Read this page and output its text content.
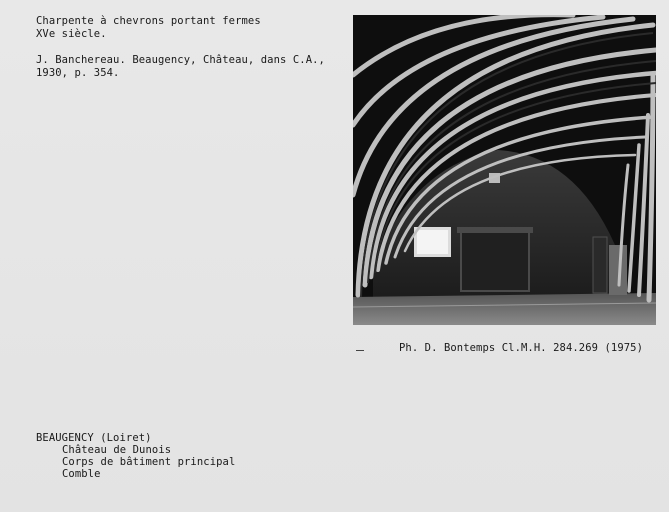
Charpente à chevrons portant fermes
XVe siècle.
J. Banchereau. Beaugency, Château, dans C.A.,
1930, p. 354.
Ph. D. Bontemps Cl.M.H. 284.269 (1975)
BEAUGENCY (Loiret)
Château de Dunois
Corps de bâtiment principal
Comble
